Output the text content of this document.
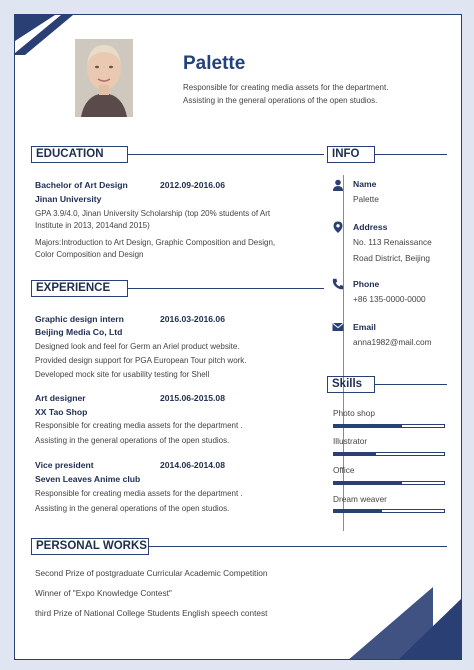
Palette
Responsible for creating media assets for the department.
Assisting in the general operations of the open studios.
EDUCATION
Bachelor of Art Design	2012.09-2016.06
Jinan University
GPA 3.9/4.0, Jinan University Scholarship (top 20% students of Art
Institute in 2013, 2014and 2015)
Majors:Introduction to Art Design, Graphic Composition and Design,
Color Composition and Design
EXPERIENCE
Graphic design intern	2016.03-2016.06
Beijing Media Co, Ltd
Designed look and feel for Germ an Ariel product website.
Provided design support for PGA European Tour pitch work.
Developed mock site for usability testing for Shell
Art designer	2015.06-2015.08
XX Tao Shop
Responsible for creating media assets for the department .
Assisting in the general operations of the open studios.
Vice president	2014.06-2014.08
Seven Leaves Anime club
Responsible for creating media assets for the department .
Assisting in the general operations of the open studios.
PERSONAL WORKS
Second Prize of postgraduate Curricular Academic Competition
Winner of "Expo Knowledge Contest"
third Prize of National College Students English speech contest
INFO
Name
Palette
Address
No. 113 Renaissance
Road District, Beijing
Phone
+86 135-0000-0000
Email
anna1982@mail.com
Skills
Photo shop
Illustrator
Office
Dream weaver
